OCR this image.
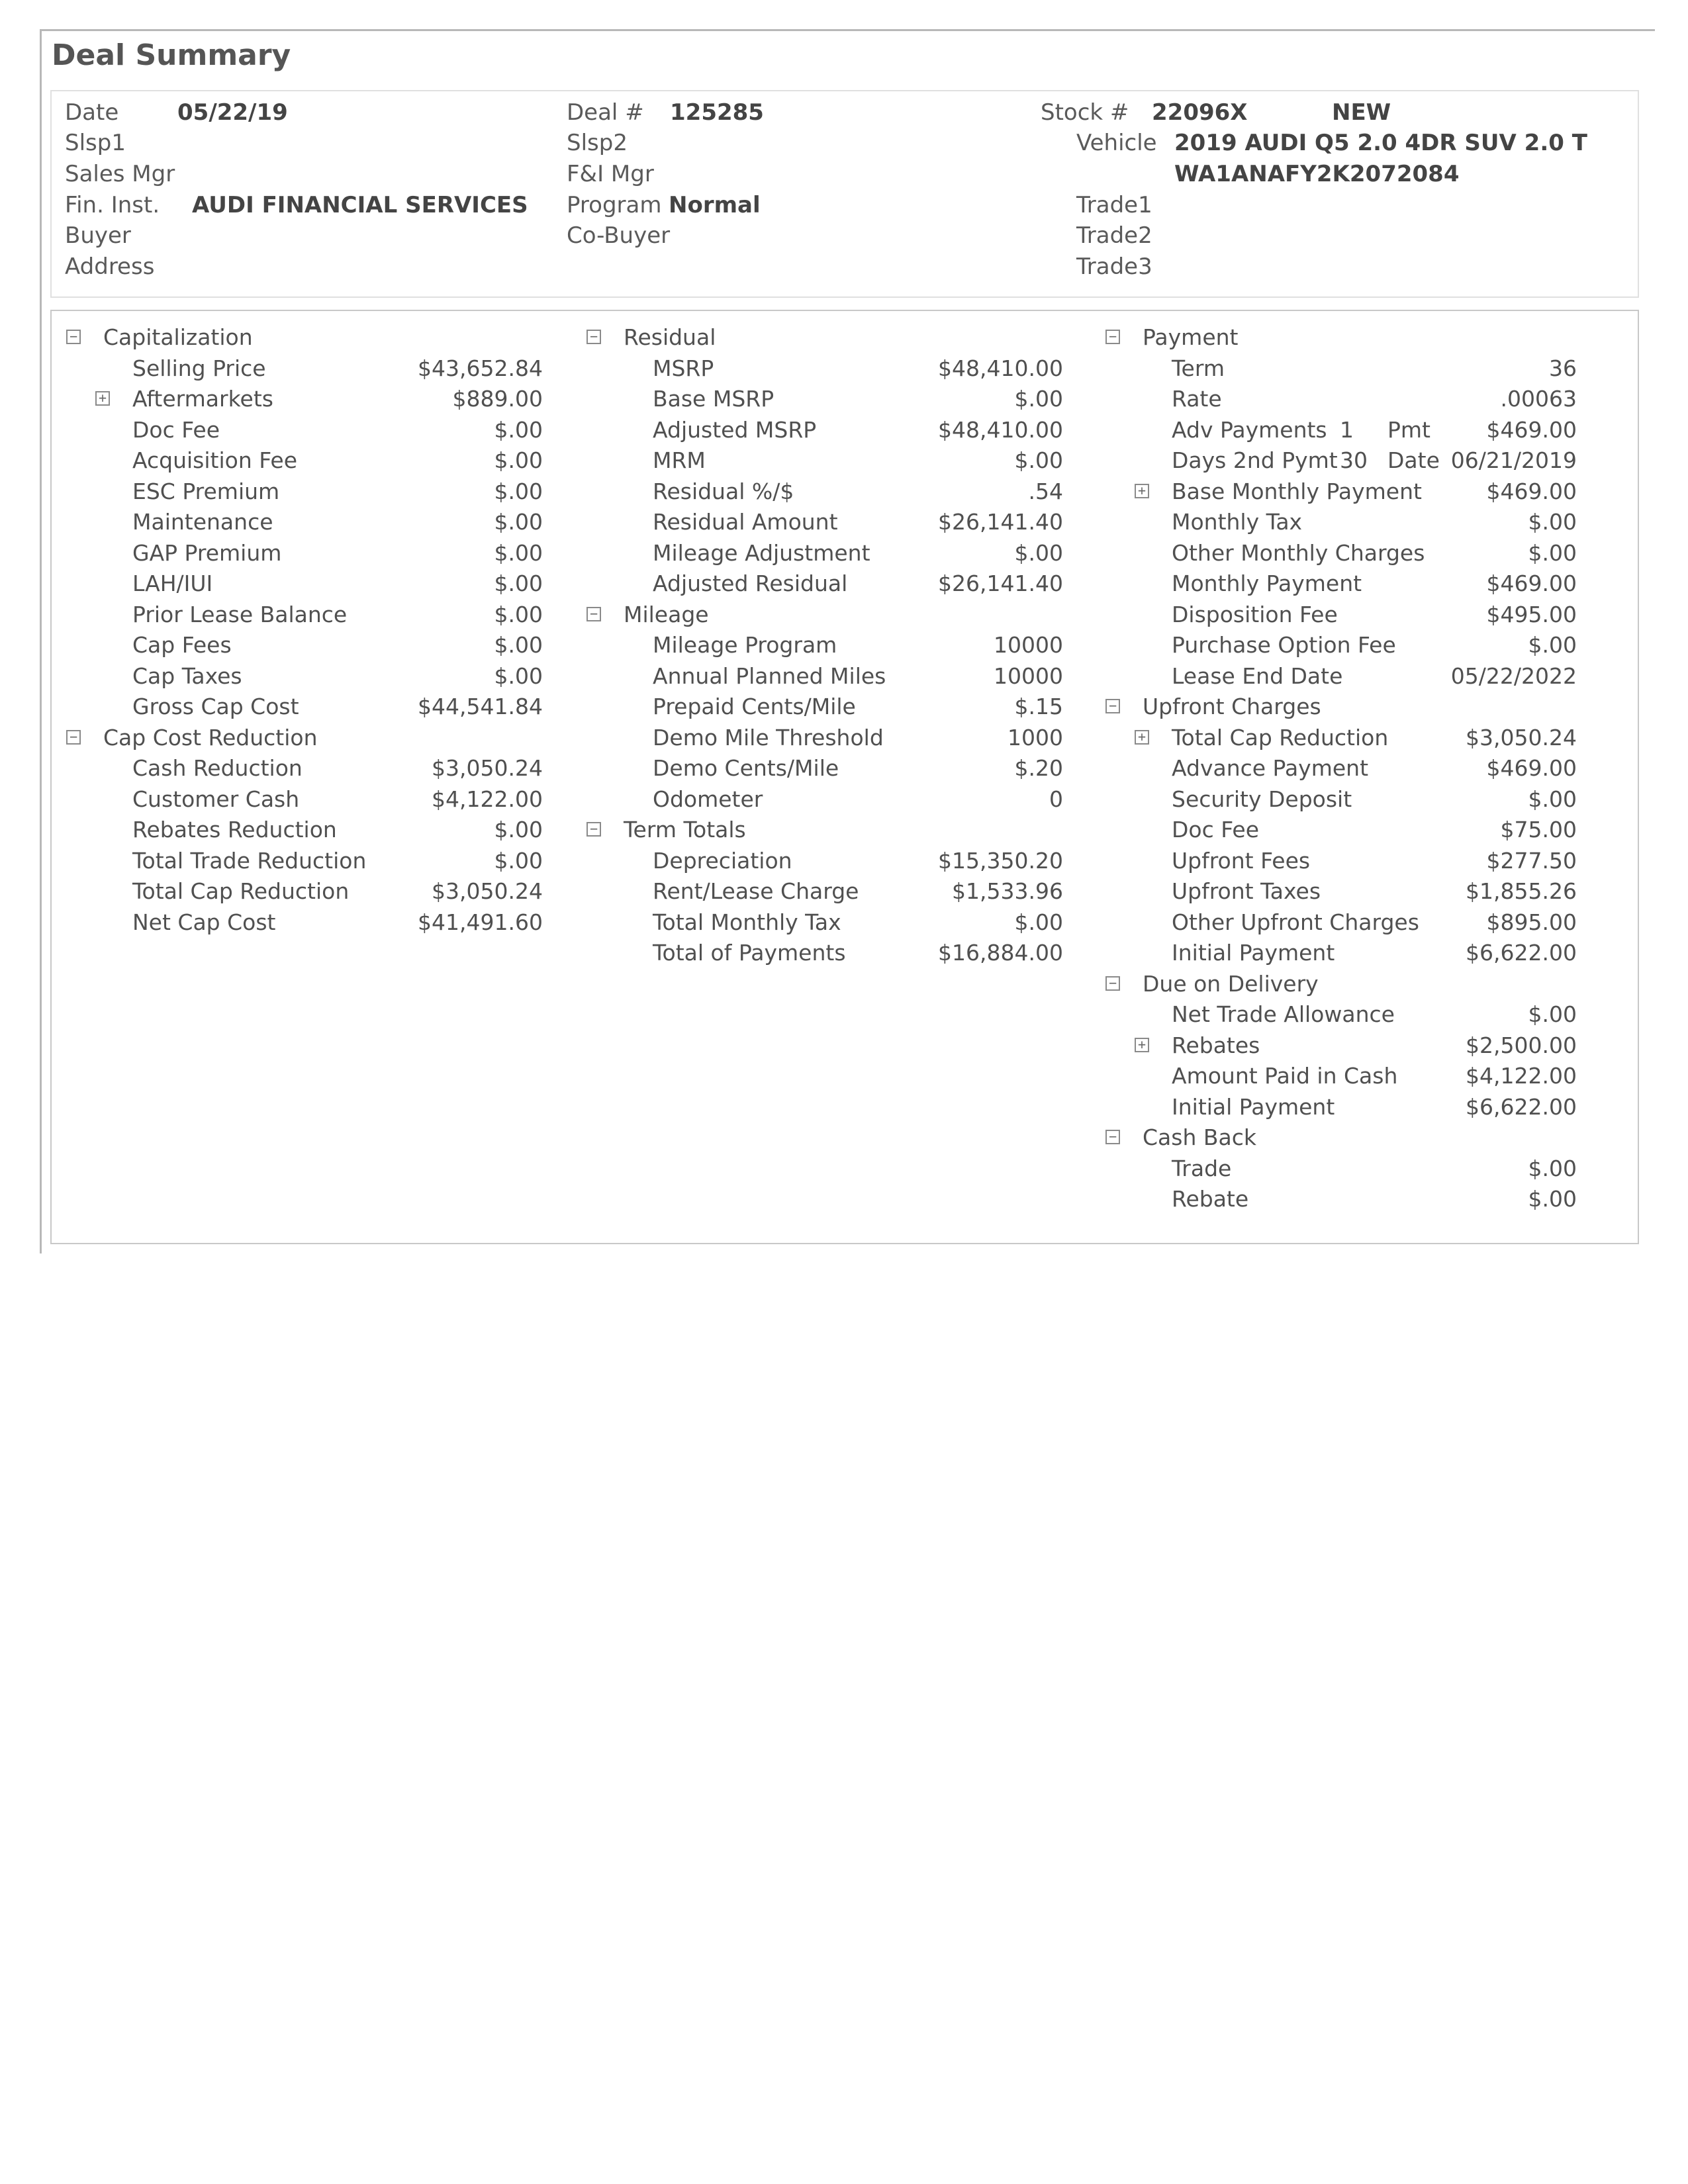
Deal Summary
Date	05/22/19
Slsp1
Sales Mgr
Fin. Inst. AUDI FINANCIAL SERVICES
Buyer
Address
Deal # 125285
Slsp2
F&I Mgr
Program Normal
Co-Buyer
Stock # 22096X	NEW
Vehicle 2019 AUDI Q5 2.0 4DR SUV 2.0 T
WA1ANAFY2K2072084
Trade1
Trade2
Trade3
− Capitalization
Selling Price	$43,652.84
+ Aftermarkets	$889.00
Doc Fee	$.00
Acquisition Fee	$.00
ESC Premium	$.00
Maintenance	$.00
GAP Premium	$.00
LAH/IUI	$.00
Prior Lease Balance	$.00
Cap Fees	$.00
Cap Taxes	$.00
Gross Cap Cost	$44,541.84
− Cap Cost Reduction
Cash Reduction	$3,050.24
Customer Cash	$4,122.00
Rebates Reduction	$.00
Total Trade Reduction	$.00
Total Cap Reduction	$3,050.24
Net Cap Cost	$41,491.60
− Residual
MSRP	$48,410.00
Base MSRP	$.00
Adjusted MSRP	$48,410.00
MRM	$.00
Residual %/$	.54
Residual Amount	$26,141.40
Mileage Adjustment	$.00
Adjusted Residual	$26,141.40
− Mileage
Mileage Program	10000
Annual Planned Miles	10000
Prepaid Cents/Mile	$.15
Demo Mile Threshold	1000
Demo Cents/Mile	$.20
Odometer	0
− Term Totals
Depreciation	$15,350.20
Rent/Lease Charge	$1,533.96
Total Monthly Tax	$.00
Total of Payments	$16,884.00
− Payment
Term	36
Rate	.00063
Adv Payments 1 Pmt	$469.00
Days 2nd Pymt 30 Date 06/21/2019
+ Base Monthly Payment	$469.00
Monthly Tax	$.00
Other Monthly Charges	$.00
Monthly Payment	$469.00
Disposition Fee	$495.00
Purchase Option Fee	$.00
Lease End Date	05/22/2022
− Upfront Charges
+ Total Cap Reduction	$3,050.24
Advance Payment	$469.00
Security Deposit	$.00
Doc Fee	$75.00
Upfront Fees	$277.50
Upfront Taxes	$1,855.26
Other Upfront Charges	$895.00
Initial Payment	$6,622.00
− Due on Delivery
Net Trade Allowance	$.00
+ Rebates	$2,500.00
Amount Paid in Cash	$4,122.00
Initial Payment	$6,622.00
− Cash Back
Trade	$.00
Rebate	$.00
